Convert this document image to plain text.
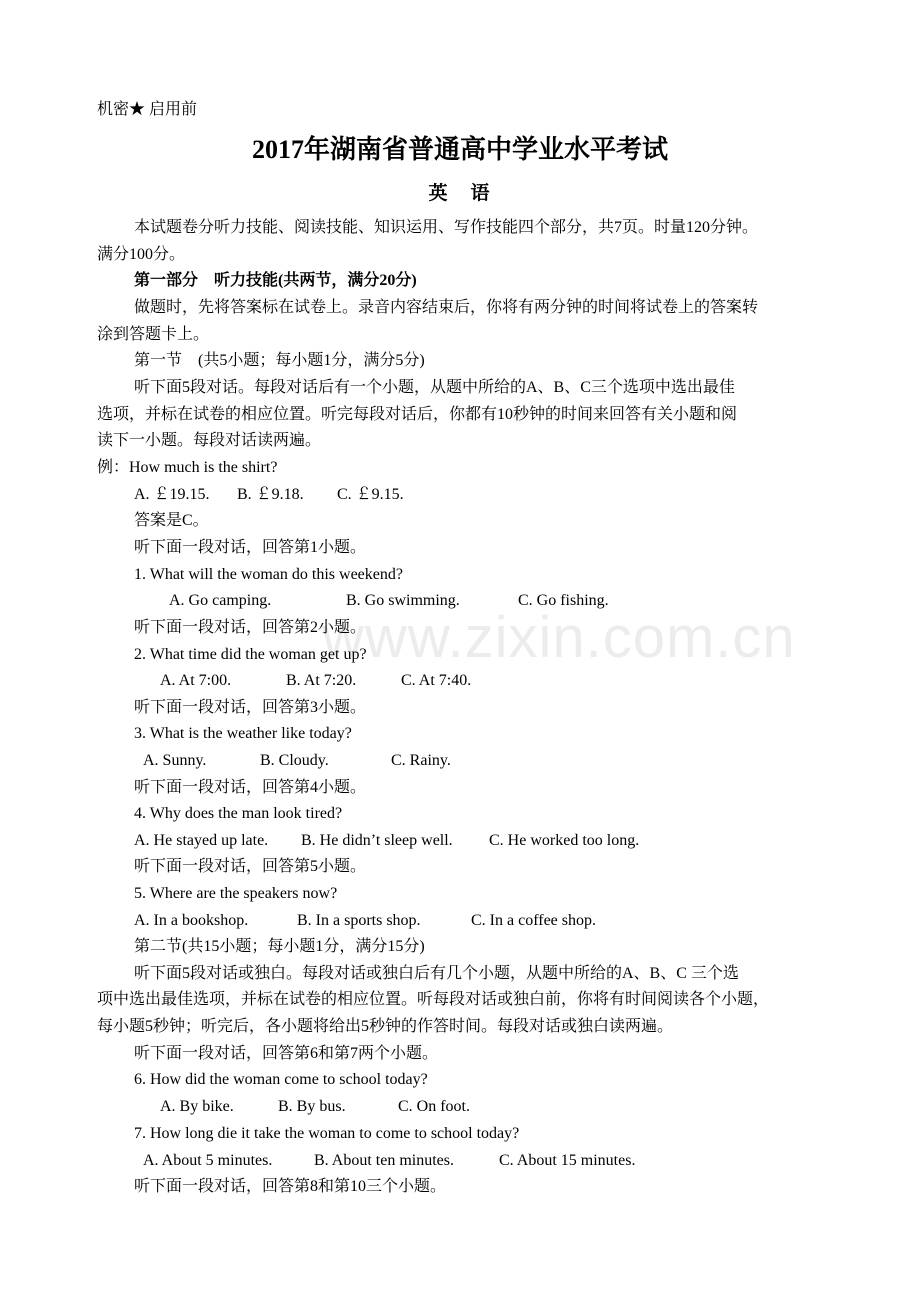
www.zixin.com.cn
机密★ 启用前
2017年湖南省普通高中学业水平考试
英　语
本试题卷分听力技能、阅读技能、知识运用、写作技能四个部分，共7页。时量120分钟。
满分100分。
第一部分　听力技能(共两节，满分20分)
做题时，先将答案标在试卷上。录音内容结束后，你将有两分钟的时间将试卷上的答案转
涂到答题卡上。
第一节　(共5小题；每小题1分，满分5分)
听下面5段对话。每段对话后有一个小题，从题中所给的A、B、C三个选项中选出最佳
选项，并标在试卷的相应位置。听完每段对话后，你都有10秒钟的时间来回答有关小题和阅
读下一小题。每段对话读两遍。
例：How much is the shirt?
A. ￡19.15. B. ￡9.18. C. ￡9.15.
答案是C。
听下面一段对话，回答第1小题。
1. What will the woman do this weekend?
A. Go camping.	B. Go swimming.	C. Go fishing.
听下面一段对话，回答第2小题。
2. What time did the woman get up?
A. At 7:00.	B. At 7:20.	C. At 7:40.
听下面一段对话，回答第3小题。
3. What is the weather like today?
A. Sunny.	B. Cloudy.	C. Rainy.
听下面一段对话，回答第4小题。
4. Why does the man look tired?
A. He stayed up late. B. He didn’t sleep well. C. He worked too long.
听下面一段对话，回答第5小题。
5. Where are the speakers now?
A. In a bookshop.	B. In a sports shop.	C. In a coffee shop.
第二节(共15小题；每小题1分，满分15分)
听下面5段对话或独白。每段对话或独白后有几个小题，从题中所给的A、B、C 三个选
项中选出最佳选项，并标在试卷的相应位置。听每段对话或独白前，你将有时间阅读各个小题，
每小题5秒钟；听完后，各小题将给出5秒钟的作答时间。每段对话或独白读两遍。
听下面一段对话，回答第6和第7两个小题。
6. How did the woman come to school today?
A. By bike.	B. By bus.	C. On foot.
7. How long die it take the woman to come to school today?
A. About 5 minutes.	B. About ten minutes.	C. About 15 minutes.
听下面一段对话，回答第8和第10三个小题。
